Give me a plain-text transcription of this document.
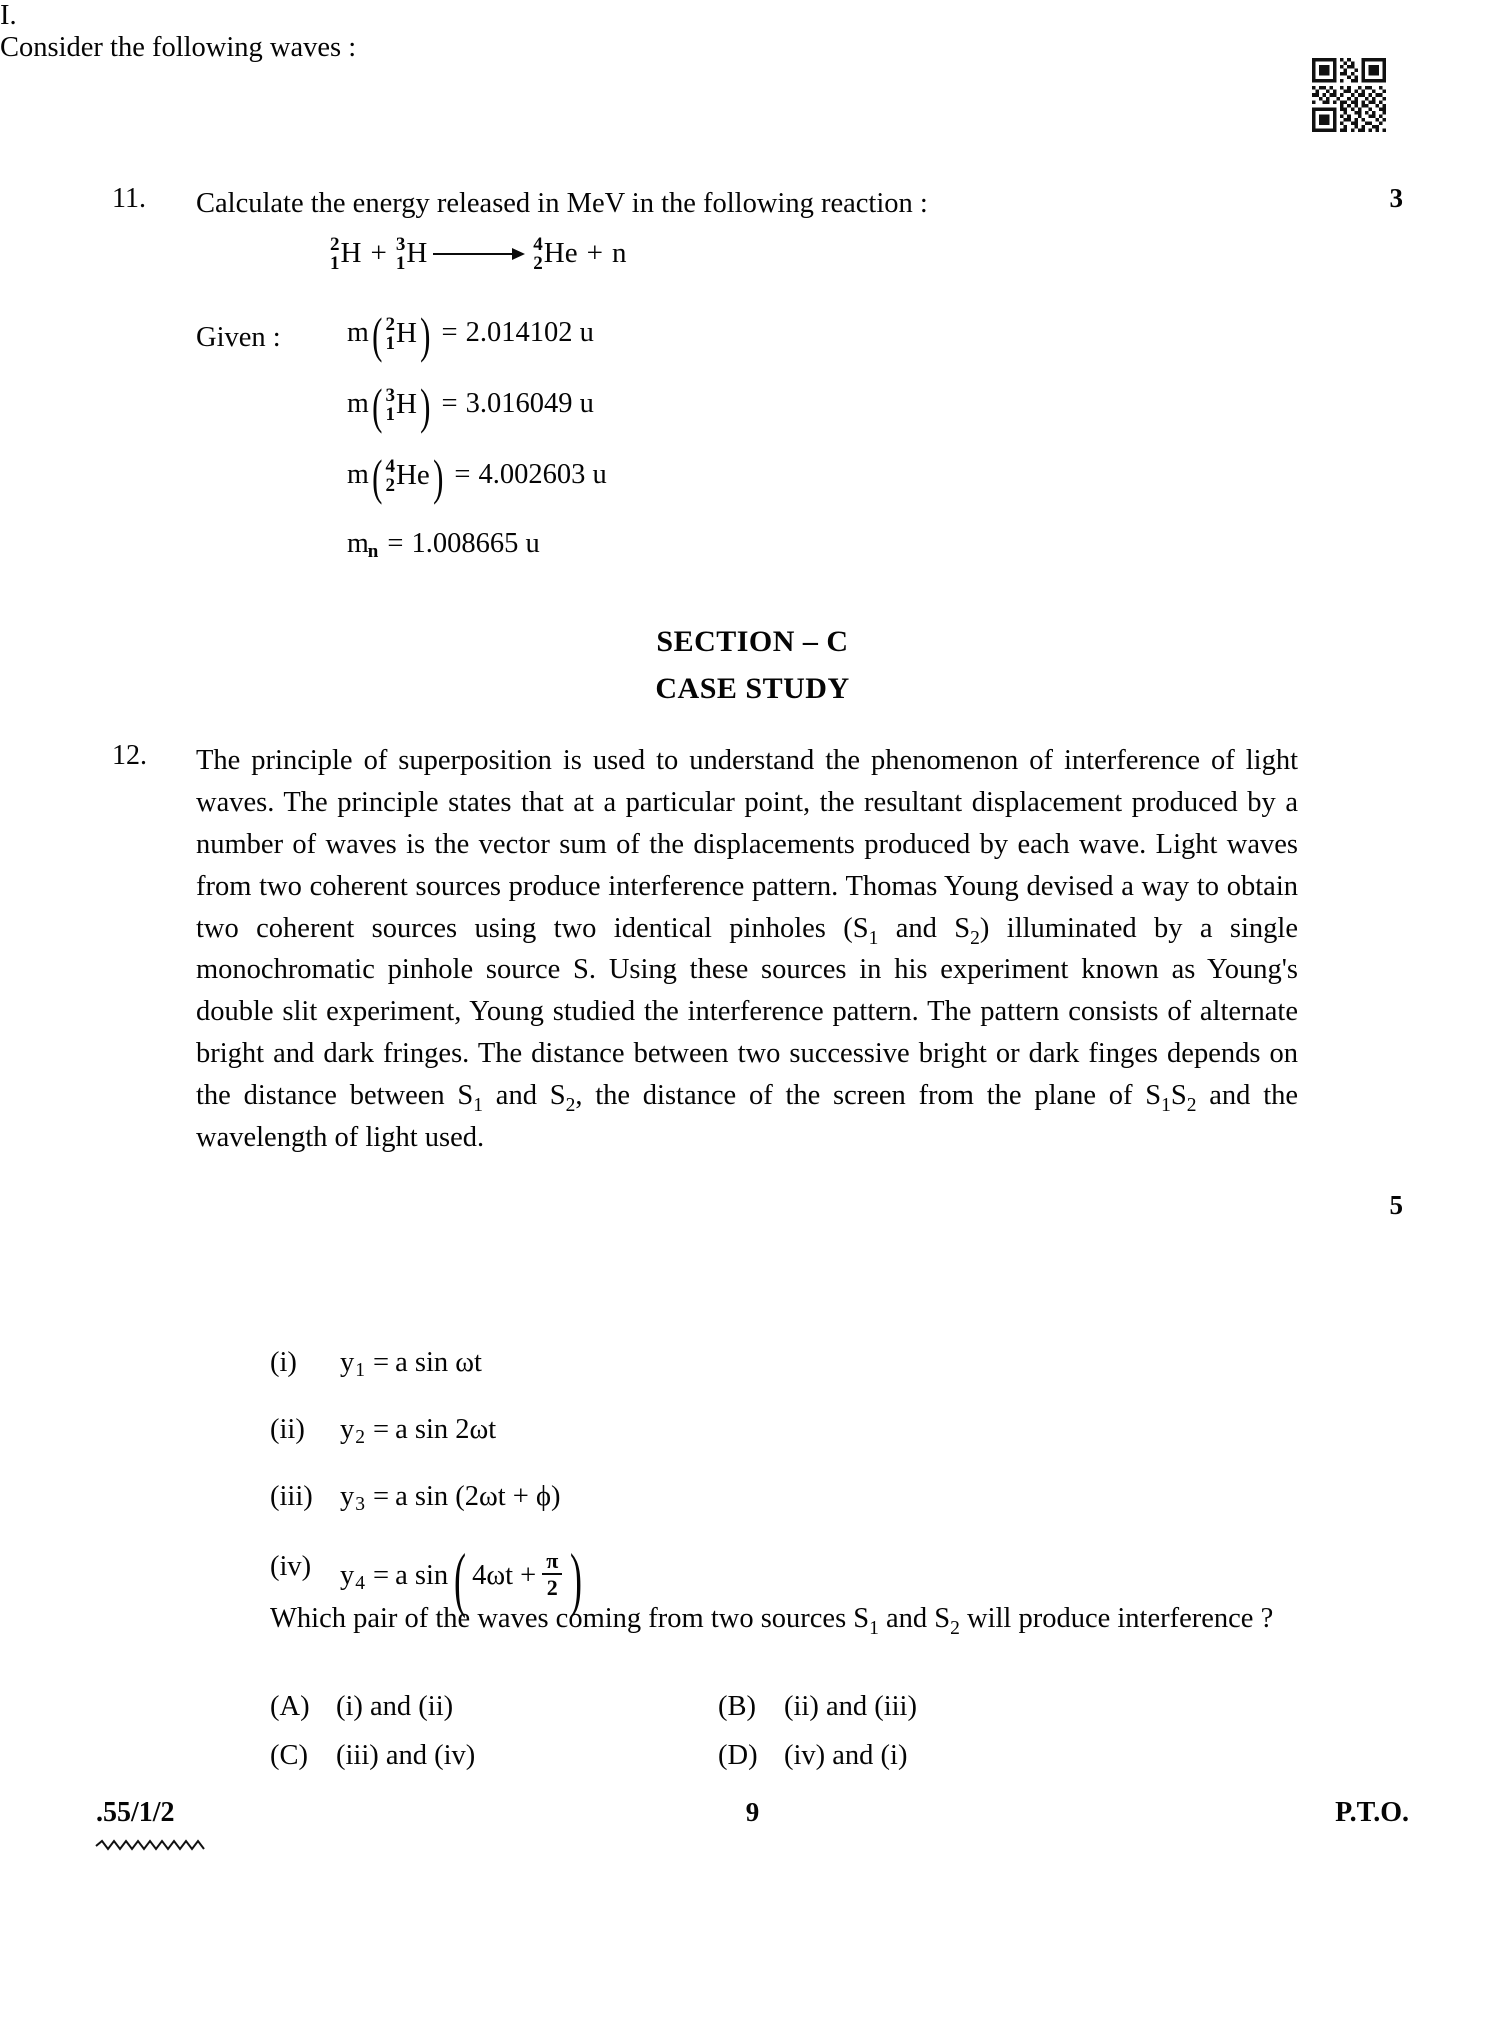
11. Calculate the energy released in MeV in the following reaction :	3
2
1 H + 3
1 H	4
2 He + n
Given : m ( 2
1 H ) = 2.014102 u
m ( 3
1 H ) = 3.016049 u
m ( 4
2 He ) = 4.002603 u
m n = 1.008665 u
SECTION – C
CASE STUDY
12. The principle of superposition is used to understand the phenomenon of interference of light waves. The principle states that at a particular point, the resultant displacement produced by a number of waves is the vector sum of the displacements produced by each wave. Light waves from two coherent sources produce interference pattern. Thomas Young devised a way to obtain two coherent sources using two identical pinholes ($S_1$ and $S_2$) illuminated by a single monochromatic pinhole source S. Using these sources in his experiment known as Young's double slit experiment, Young studied the interference pattern. The pattern consists of alternate bright and dark fringes. The distance between two successive bright or dark finges depends on the distance between $S_1$ and $S_2$, the distance of the screen from the plane of $S_1S_2$ and the wavelength of light used.
5
I.
Consider the following waves :
(i) y 1 = a sin ωt
(ii) y 2 = a sin 2ωt
(iii) y 3 = a sin (2ωt + ϕ)
(iv) y 4 = a sin ( $4\omega t + \frac{\pi}{2}$ )
Which pair of the waves coming from two sources $S_1$ and $S_2$ will produce interference ?
(A) (i) and (ii)	(B) (ii) and (iii)
(C) (iii) and (iv)	(D) (iv) and (i)
.55/1/2	9	P.T.O.
